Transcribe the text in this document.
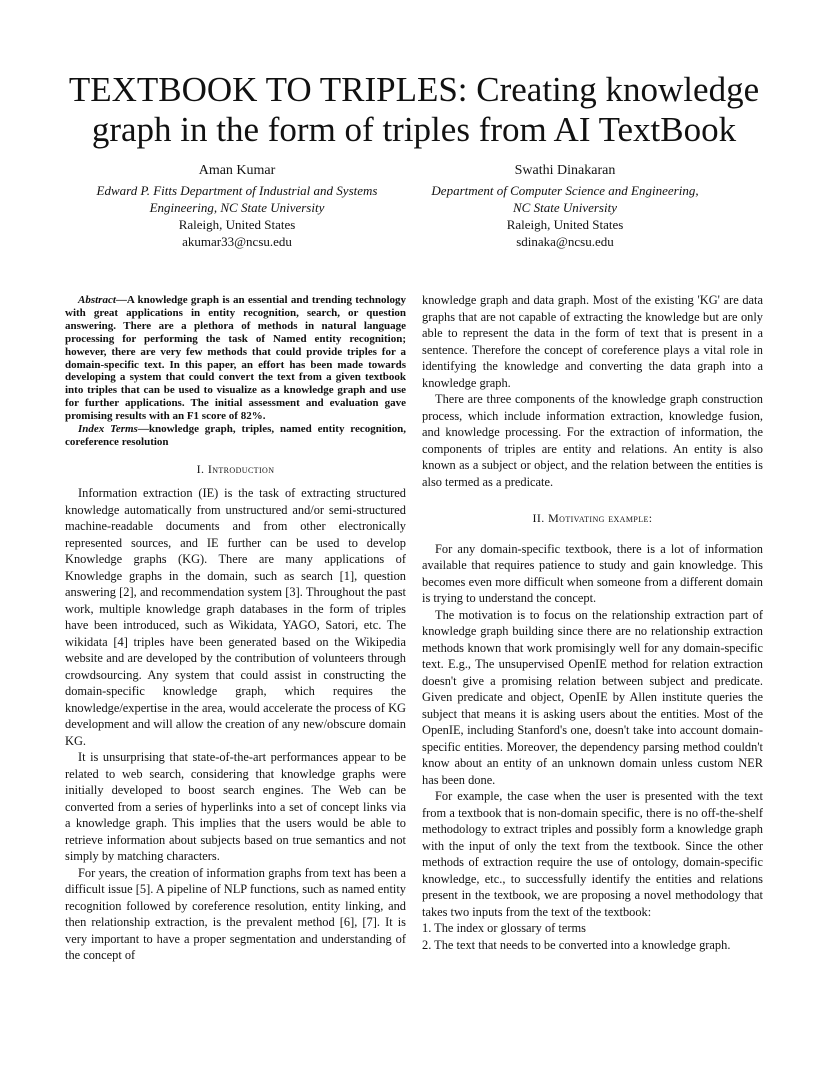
TEXTBOOK TO TRIPLES: Creating knowledge
graph in the form of triples from AI TextBook
Aman Kumar
Edward P. Fitts Department of Industrial and Systems
Engineering, NC State University
Raleigh, United States
akumar33@ncsu.edu
Swathi Dinakaran
Department of Computer Science and Engineering,
NC State University
Raleigh, United States
sdinaka@ncsu.edu

Abstract—A knowledge graph is an essential and trending technology with great applications in entity recognition, search, or question answering. There are a plethora of methods in natural language processing for performing the task of Named entity recognition; however, there are very few methods that could provide triples for a domain-specific text. In this paper, an effort has been made towards developing a system that could convert the text from a given textbook into triples that can be used to visualize as a knowledge graph and use for further applications. The initial assessment and evaluation gave promising results with an F1 score of 82%.

Index Terms—knowledge graph, triples, named entity recognition, coreference resolution

I. Introduction

Information extraction (IE) is the task of extracting structured knowledge automatically from unstructured and/or semi-structured machine-readable documents and from other electronically represented sources, and IE further can be used to develop Knowledge graphs (KG). There are many applications of Knowledge graphs in the domain, such as search [1], question answering [2], and recommendation system [3]. Throughout the past work, multiple knowledge graph databases in the form of triples have been introduced, such as Wikidata, YAGO, Satori, etc. The wikidata [4] triples have been generated based on the Wikipedia website and are developed by the contribution of volunteers through crowdsourcing. Any system that could assist in constructing the domain-specific knowledge graph, which requires the knowledge/expertise in the area, would accelerate the process of KG development and will allow the creation of any new/obscure domain KG.

It is unsurprising that state-of-the-art performances appear to be related to web search, considering that knowledge graphs were initially developed to boost search engines. The Web can be converted from a series of hyperlinks into a set of concept links via a knowledge graph. This implies that the users would be able to retrieve information about subjects based on true semantics and not simply by matching characters.

For years, the creation of information graphs from text has been a difficult issue [5]. A pipeline of NLP functions, such as named entity recognition followed by coreference resolution, entity linking, and then relationship extraction, is the prevalent method [6], [7]. It is very important to have a proper segmentation and understanding of the concept of

knowledge graph and data graph. Most of the existing 'KG' are data graphs that are not capable of extracting the knowledge but are only able to represent the data in the form of text that is present in a sentence. Therefore the concept of coreference plays a vital role in identifying the knowledge and converting the data graph into a knowledge graph.

There are three components of the knowledge graph construction process, which include information extraction, knowledge fusion, and knowledge processing. For the extraction of information, the components of triples are entity and relations. An entity is also known as a subject or object, and the relation between the entities is also termed as a predicate.

II. Motivating example:

For any domain-specific textbook, there is a lot of information available that requires patience to study and gain knowledge. This becomes even more difficult when someone from a different domain is trying to understand the concept.

The motivation is to focus on the relationship extraction part of knowledge graph building since there are no relationship extraction methods known that work promisingly well for any domain-specific text. E.g., The unsupervised OpenIE method for relation extraction doesn't give a promising relation between subject and predicate. Given predicate and object, OpenIE by Allen institute queries the subject that means it is asking users about the entities. Most of the OpenIE, including Stanford's one, doesn't take into account domain-specific entities. Moreover, the dependency parsing method couldn't know about an entity of an unknown domain unless custom NER has been done.

For example, the case when the user is presented with the text from a textbook that is non-domain specific, there is no off-the-shelf methodology to extract triples and possibly form a knowledge graph with the input of only the text from the textbook. Since the other methods of extraction require the use of ontology, domain-specific knowledge, etc., to successfully identify the entities and relations present in the textbook, we are proposing a novel methodology that takes two inputs from the text of the textbook:

1. The index or glossary of terms
2. The text that needs to be converted into a knowledge graph.
